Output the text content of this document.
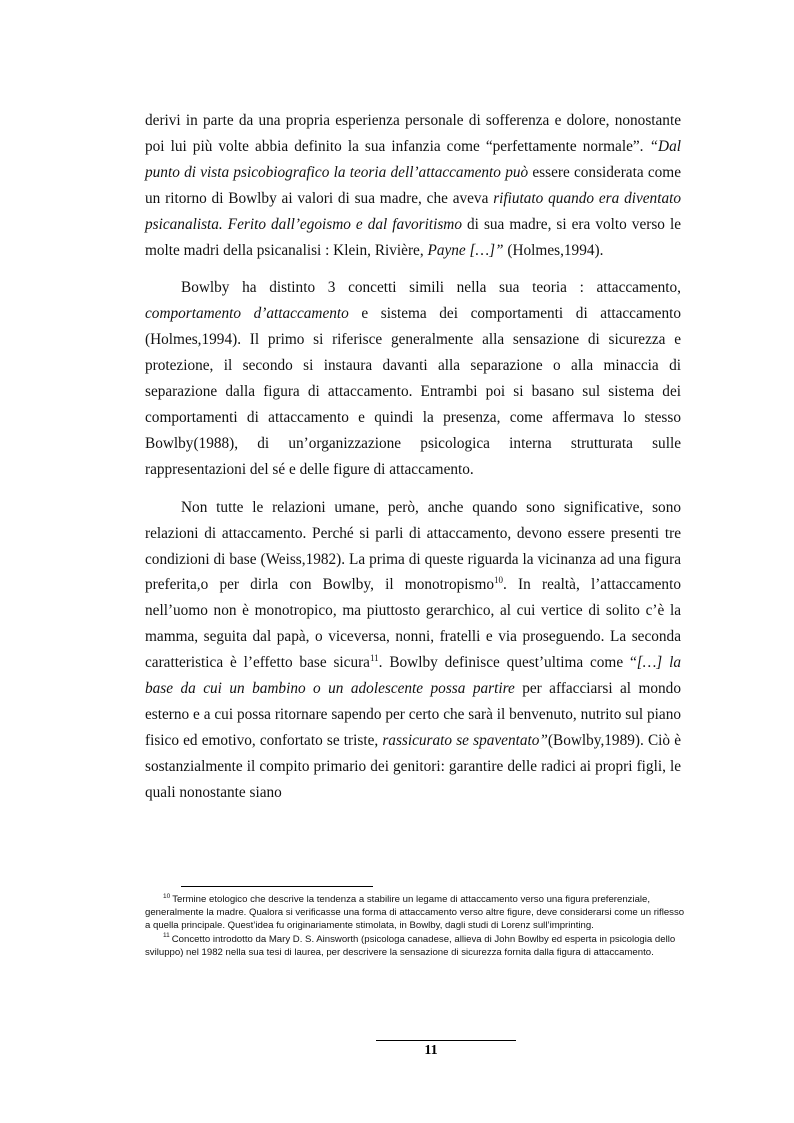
derivi in parte da una propria esperienza personale di sofferenza e dolore, nonostante poi lui più volte abbia definito la sua infanzia come “perfettamente normale”. “Dal punto di vista psicobiografico la teoria dell’attaccamento può essere considerata come un ritorno di Bowlby ai valori di sua madre, che aveva rifiutato quando era diventato psicanalista. Ferito dall’egoismo e dal favoritismo di sua madre, si era volto verso le molte madri della psicanalisi : Klein, Rivière, Payne […]” (Holmes,1994).

Bowlby ha distinto 3 concetti simili nella sua teoria : attaccamento, comportamento d’attaccamento e sistema dei comportamenti di attaccamento (Holmes,1994). Il primo si riferisce generalmente alla sensazione di sicurezza e protezione, il secondo si instaura davanti alla separazione o alla minaccia di separazione dalla figura di attaccamento. Entrambi poi si basano sul sistema dei comportamenti di attaccamento e quindi la presenza, come affermava lo stesso Bowlby(1988), di un’organizzazione psicologica interna strutturata sulle rappresentazioni del sé e delle figure di attaccamento.

Non tutte le relazioni umane, però, anche quando sono significative, sono relazioni di attaccamento. Perché si parli di attaccamento, devono essere presenti tre condizioni di base (Weiss,1982). La prima di queste riguarda la vicinanza ad una figura preferita,o per dirla con Bowlby, il monotropismo$^{10}$. In realtà, l’attaccamento nell’uomo non è monotropico, ma piuttosto gerarchico, al cui vertice di solito c’è la mamma, seguita dal papà, o viceversa, nonni, fratelli e via proseguendo. La seconda caratteristica è l’effetto base sicura$^{11}$. Bowlby definisce quest’ultima come “[…] la base da cui un bambino o un adolescente possa partire per affacciarsi al mondo esterno e a cui possa ritornare sapendo per certo che sarà il benvenuto, nutrito sul piano fisico ed emotivo, confortato se triste, rassicurato se spaventato”(Bowlby,1989). Ciò è sostanzialmente il compito primario dei genitori: garantire delle radici ai propri figli, le quali nonostante siano

$^{10}$ Termine etologico che descrive la tendenza a stabilire un legame di attaccamento verso una figura preferenziale, generalmente la madre. Qualora si verificasse una forma di attaccamento verso altre figure, deve considerarsi come un riflesso a quella principale. Quest’idea fu originariamente stimolata, in Bowlby, dagli studi di Lorenz sull’imprinting.

$^{11}$ Concetto introdotto da Mary D. S. Ainsworth (psicologa canadese, allieva di John Bowlby ed esperta in psicologia dello sviluppo) nel 1982 nella sua tesi di laurea, per descrivere la sensazione di sicurezza fornita dalla figura di attaccamento.

11
